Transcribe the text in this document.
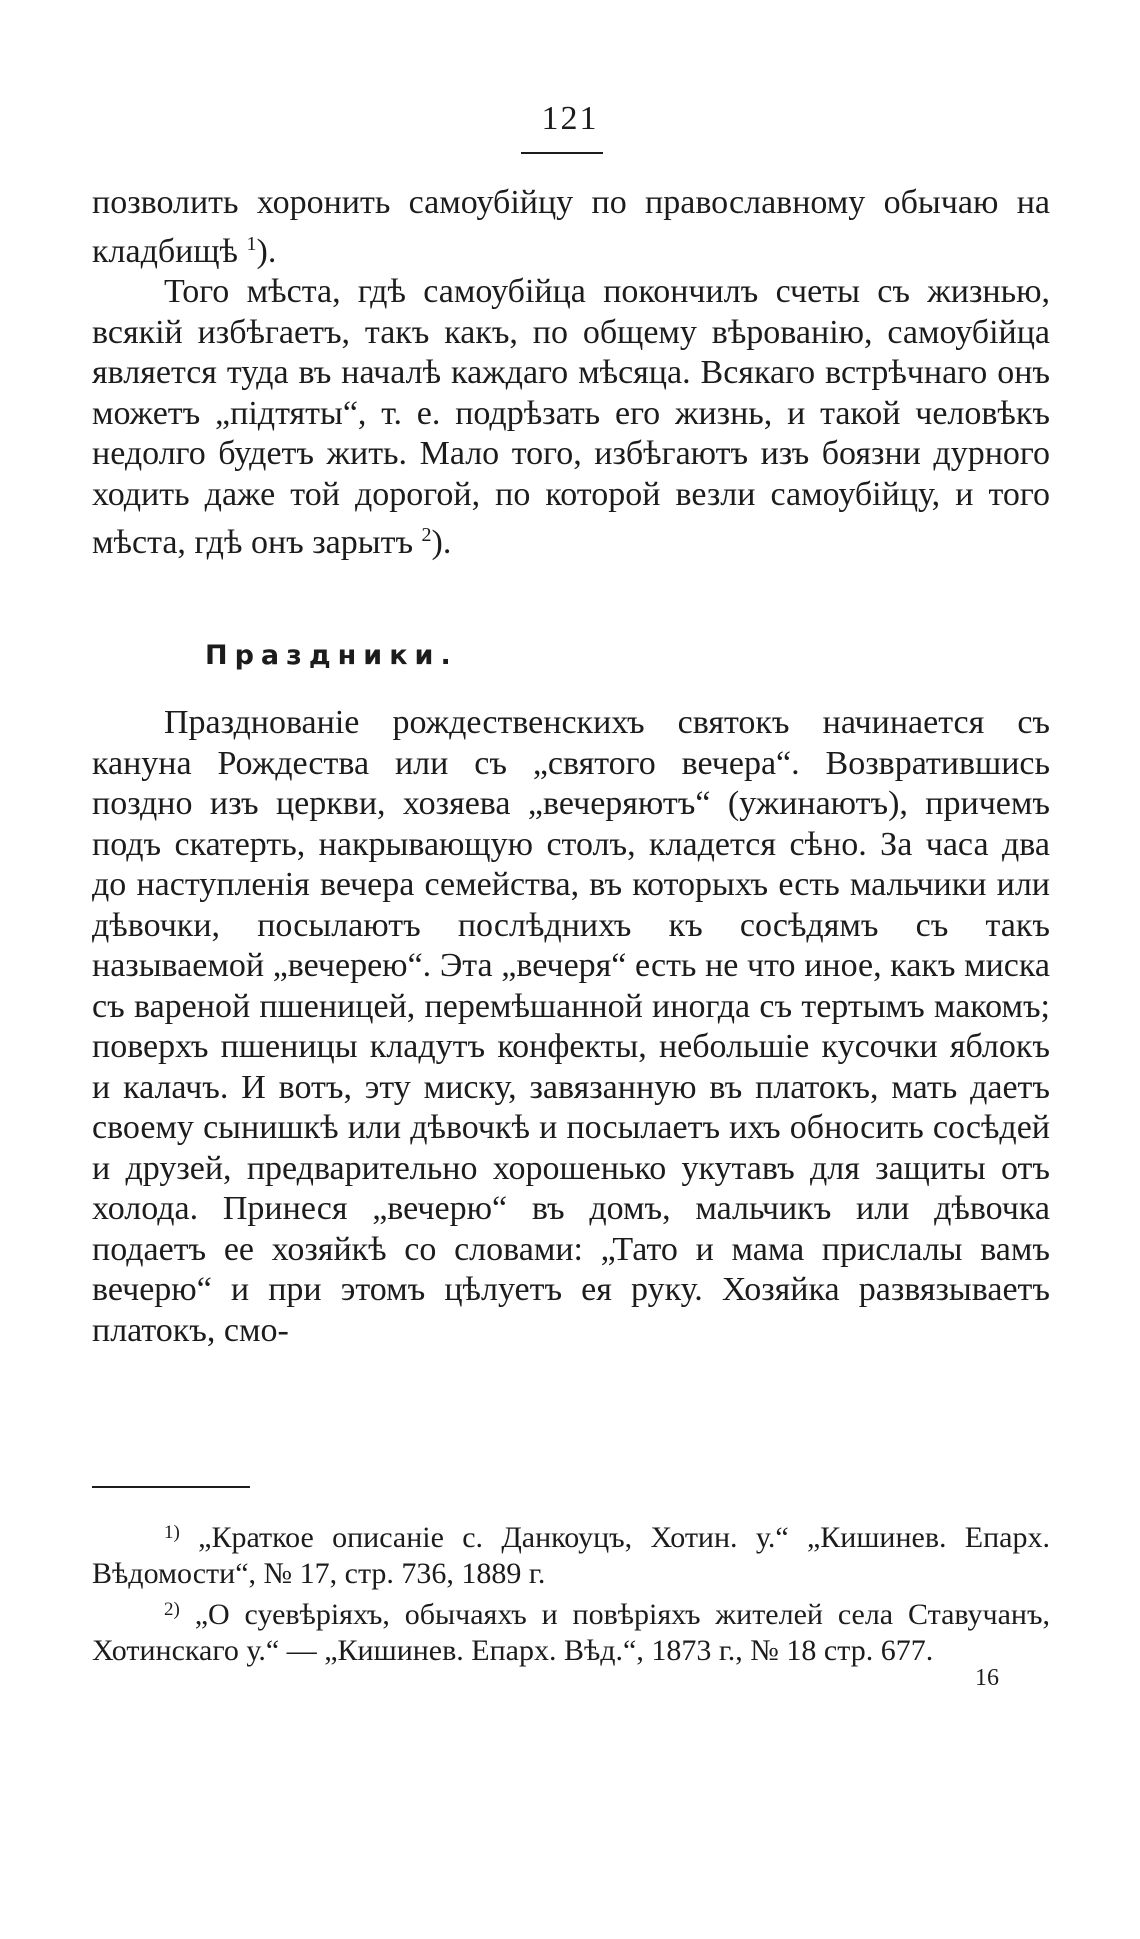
121

позволить хоронить самоубійцу по православному обычаю на кладбищѣ $^1$).

Того мѣста, гдѣ самоубійца покончилъ счеты съ жизнью, всякій избѣгаетъ, такъ какъ, по общему вѣрованію, самоубійца является туда въ началѣ каждаго мѣсяца. Всякаго встрѣчнаго онъ можетъ „підтяты“, т. е. подрѣзать его жизнь, и такой человѣкъ недолго будетъ жить. Мало того, избѣгаютъ изъ боязни дурного ходить даже той дорогой, по которой везли самоубійцу, и того мѣста, гдѣ онъ зарытъ $^2$).

Праздники.

Празднованіе рождественскихъ святокъ начинается съ кануна Рождества или съ „святого вечера“. Возвратившись поздно изъ церкви, хозяева „вечеряютъ“ (ужинаютъ), причемъ подъ скатерть, накрывающую столъ, кладется сѣно. За часа два до наступленія вечера семейства, въ которыхъ есть мальчики или дѣвочки, посылаютъ послѣднихъ къ сосѣдямъ съ такъ называемой „вечерею“. Эта „вечеря“ есть не что иное, какъ миска съ вареной пшеницей, перемѣшанной иногда съ тертымъ макомъ; поверхъ пшеницы кладутъ конфекты, небольшіе кусочки яблокъ и калачъ. И вотъ, эту миску, завязанную въ платокъ, мать даетъ своему сынишкѣ или дѣвочкѣ и посылаетъ ихъ обносить сосѣдей и друзей, предварительно хорошенько укутавъ для защиты отъ холода. Принеся „вечерю“ въ домъ, мальчикъ или дѣвочка подаетъ ее хозяйкѣ со словами: „Тато и мама прислалы вамъ вечерю“ и при этомъ цѣлуетъ ея руку. Хозяйка развязываетъ платокъ, смо-

$^{1)}$ „Краткое описаніе с. Данкоуцъ, Хотин. у.“ „Кишинев. Епарх. Вѣдомости“, № 17, стр. 736, 1889 г.

$^{2)}$ „О суевѣріяхъ, обычаяхъ и повѣріяхъ жителей села Ставучанъ, Хотинскаго у.“ — „Кишинев. Епарх. Вѣд.“, 1873 г., № 18 стр. 677.

16
